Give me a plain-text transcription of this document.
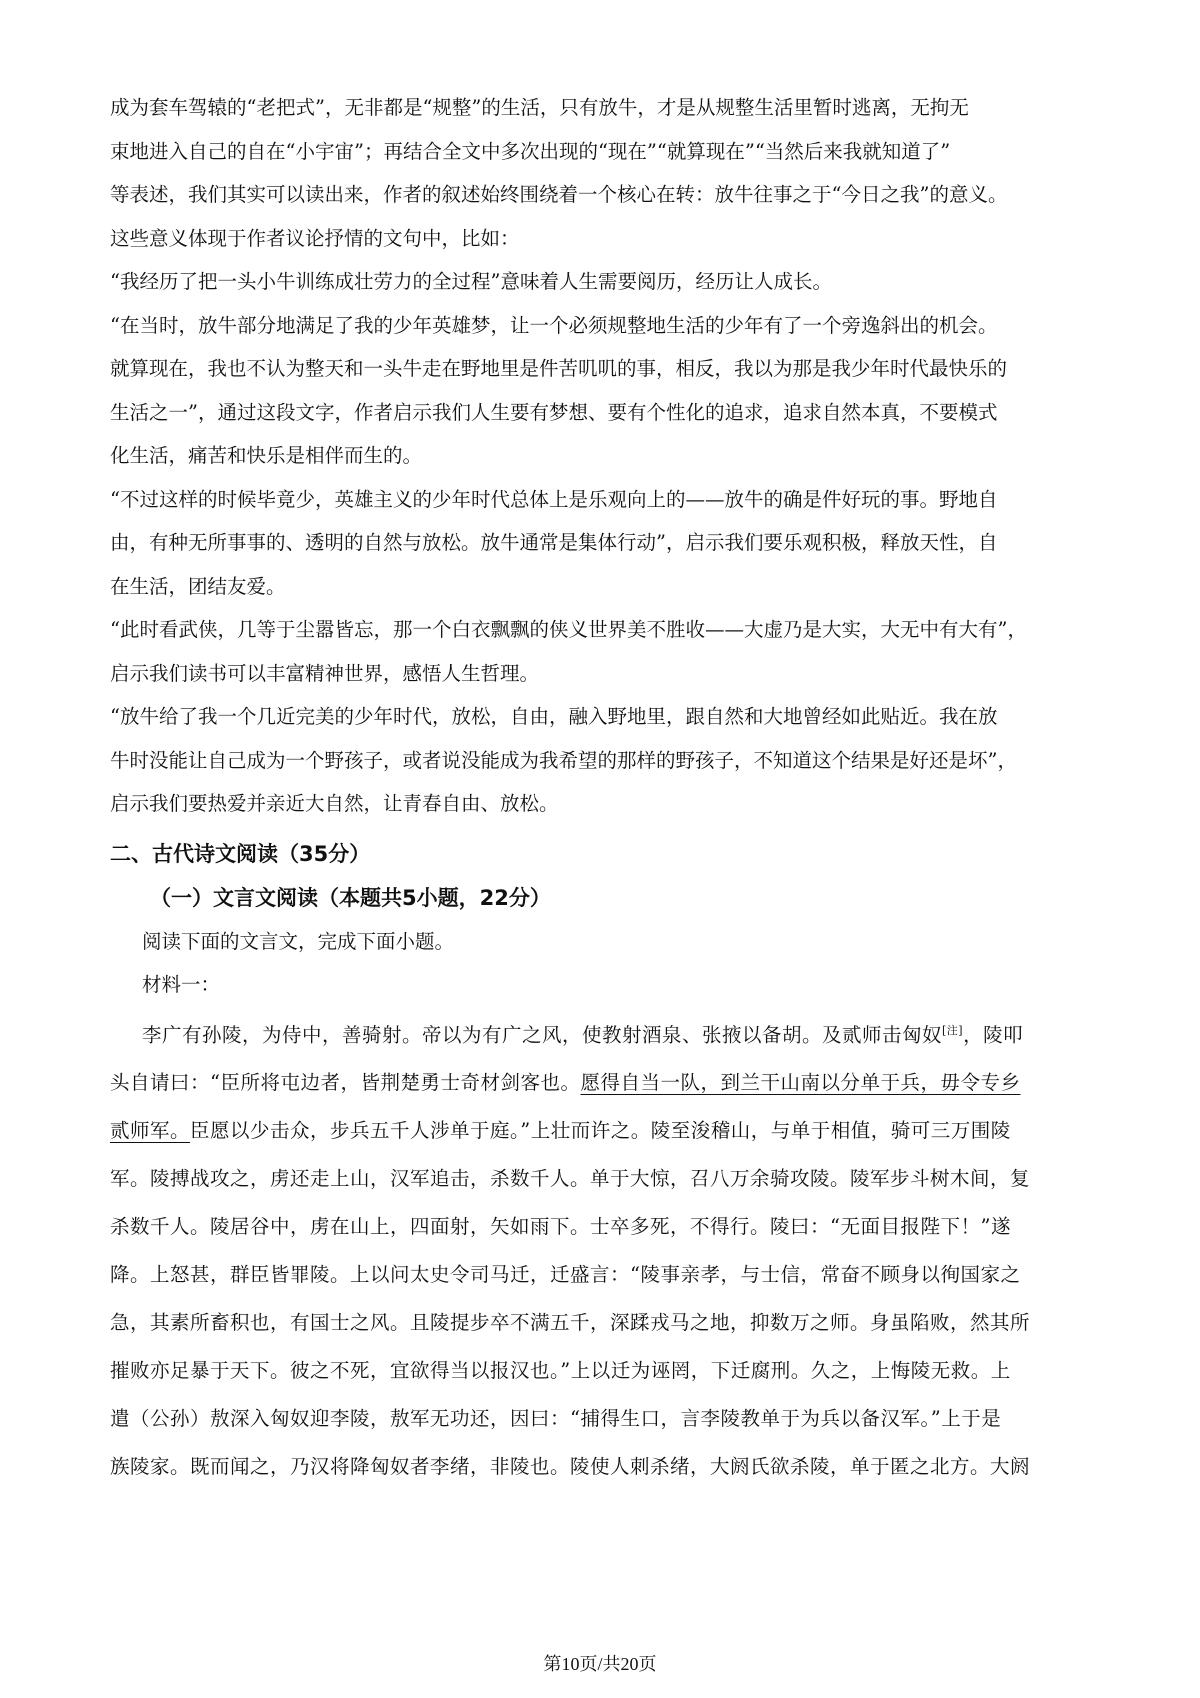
成为套车驾辕的“老把式”，无非都是“规整”的生活，只有放牛，才是从规整生活里暂时逃离，无拘无

束地进入自己的自在“小宇宙”；再结合全文中多次出现的“现在”“就算现在”“当然后来我就知道了”

等表述，我们其实可以读出来，作者的叙述始终围绕着一个核心在转：放牛往事之于“今日之我”的意义。

这些意义体现于作者议论抒情的文句中，比如：

“我经历了把一头小牛训练成壮劳力的全过程”意味着人生需要阅历，经历让人成长。

“在当时，放牛部分地满足了我的少年英雄梦，让一个必须规整地生活的少年有了一个旁逸斜出的机会。

就算现在，我也不认为整天和一头牛走在野地里是件苦叽叽的事，相反，我以为那是我少年时代最快乐的

生活之一”，通过这段文字，作者启示我们人生要有梦想、要有个性化的追求，追求自然本真，不要模式

化生活，痛苦和快乐是相伴而生的。

“不过这样的时候毕竟少，英雄主义的少年时代总体上是乐观向上的——放牛的确是件好玩的事。野地自

由，有种无所事事的、透明的自然与放松。放牛通常是集体行动”，启示我们要乐观积极，释放天性，自

在生活，团结友爱。

“此时看武侠，几等于尘嚣皆忘，那一个白衣飘飘的侠义世界美不胜收——大虚乃是大实，大无中有大有”，

启示我们读书可以丰富精神世界，感悟人生哲理。

“放牛给了我一个几近完美的少年时代，放松，自由，融入野地里，跟自然和大地曾经如此贴近。我在放

牛时没能让自己成为一个野孩子，或者说没能成为我希望的那样的野孩子，不知道这个结果是好还是坏”，

启示我们要热爱并亲近大自然，让青春自由、放松。

二、古代诗文阅读（35分）

（一）文言文阅读（本题共5小题，22分）

阅读下面的文言文，完成下面小题。

材料一：

李广有孙陵，为侍中，善骑射。帝以为有广之风，使教射酒泉、张掖以备胡。及贰师击匈奴[注]，陵叩

头自请曰：“臣所将屯边者，皆荆楚勇士奇材剑客也。愿得自当一队，到兰干山南以分单于兵，毋令专乡

贰师军。臣愿以少击众，步兵五千人涉单于庭。”上壮而许之。陵至浚稽山，与单于相值，骑可三万围陵

军。陵搏战攻之，虏还走上山，汉军追击，杀数千人。单于大惊，召八万余骑攻陵。陵军步斗树木间，复

杀数千人。陵居谷中，虏在山上，四面射，矢如雨下。士卒多死，不得行。陵曰：“无面目报陛下！”遂

降。上怒甚，群臣皆罪陵。上以问太史令司马迁，迁盛言：“陵事亲孝，与士信，常奋不顾身以徇国家之

急，其素所畜积也，有国士之风。且陵提步卒不满五千，深蹂戎马之地，抑数万之师。身虽陷败，然其所

摧败亦足暴于天下。彼之不死，宜欲得当以报汉也。”上以迁为诬罔，下迁腐刑。久之，上悔陵无救。上

遣（公孙）敖深入匈奴迎李陵，敖军无功还，因曰：“捕得生口，言李陵教单于为兵以备汉军。”上于是

族陵家。既而闻之，乃汉将降匈奴者李绪，非陵也。陵使人刺杀绪，大阏氏欲杀陵，单于匿之北方。大阏

第10页/共20页
